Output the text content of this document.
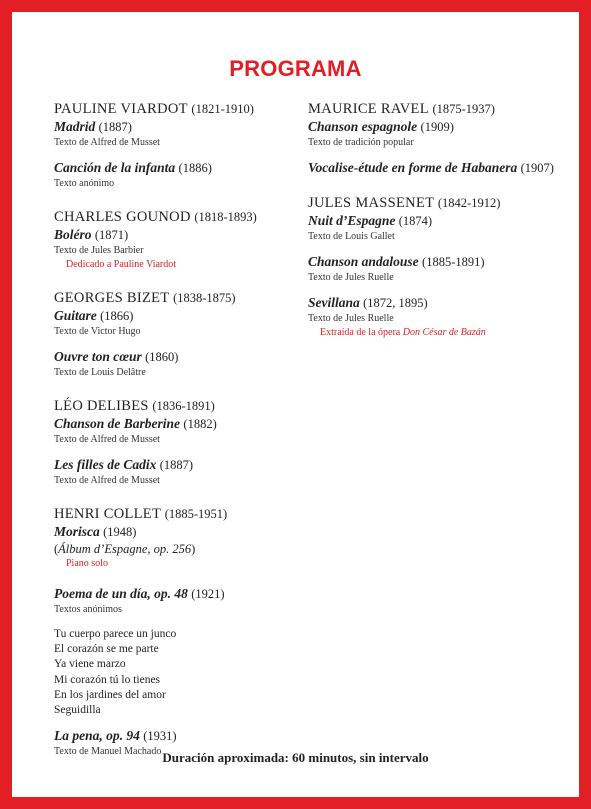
PROGRAMA
PAULINE VIARDOT (1821-1910)
Madrid (1887)
Texto de Alfred de Musset
Canción de la infanta (1886)
Texto anónimo
CHARLES GOUNOD (1818-1893)
Boléro (1871)
Texto de Jules Barbier
Dedicado a Pauline Viardot
GEORGES BIZET (1838-1875)
Guitare (1866)
Texto de Victor Hugo
Ouvre ton cœur (1860)
Texto de Louis Delâtre
LÉO DELIBES (1836-1891)
Chanson de Barberine (1882)
Texto de Alfred de Musset
Les filles de Cadix (1887)
Texto de Alfred de Musset
HENRI COLLET (1885-1951)
Morisca (1948)
(Álbum d’Espagne, op. 256)
Piano solo
Poema de un día, op. 48 (1921)
Textos anónimos
Tu cuerpo parece un junco
El corazón se me parte
Ya viene marzo
Mi corazón tú lo tienes
En los jardines del amor
Seguidilla
La pena, op. 94 (1931)
Texto de Manuel Machado
MAURICE RAVEL (1875-1937)
Chanson espagnole (1909)
Texto de tradición popular
Vocalise-étude en forme de Habanera (1907)
JULES MASSENET (1842-1912)
Nuit d’Espagne (1874)
Texto de Louis Gallet
Chanson andalouse (1885-1891)
Texto de Jules Ruelle
Sevillana (1872, 1895)
Texto de Jules Ruelle
Extraída de la ópera Don César de Bazán
Duración aproximada: 60 minutos, sin intervalo
